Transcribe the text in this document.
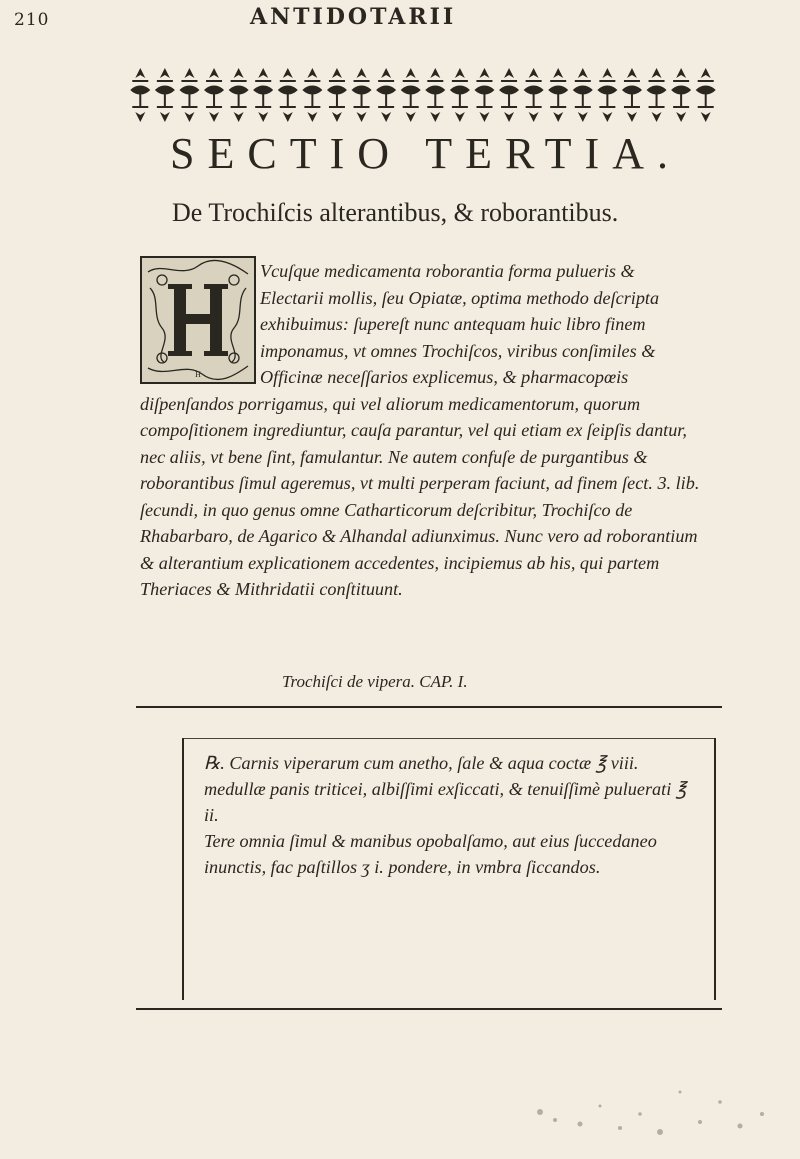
210	ANTIDOTARII
SECTIO TERTIA.
De Trochiſcis alterantibus, & roborantibus.
H
Vcuſque medicamenta roborantia forma pulueris & Electarii mollis, ſeu Opiatæ, optima methodo deſcripta exhibuimus: ſupereſt nunc antequam huic libro finem imponamus, vt omnes Trochiſcos, viribus conſimiles & Officinæ neceſſarios explicemus, & pharmacopœis diſpenſandos porrigamus, qui vel aliorum medicamentorum, quorum compoſitionem ingrediuntur, cauſa parantur, vel qui etiam ex ſeipſis dantur, nec aliis, vt bene ſint, famulantur. Ne autem confuſe de purgantibus & roborantibus ſimul ageremus, vt multi perperam faciunt, ad finem ſect. 3. lib. ſecundi, in quo genus omne Catharticorum deſcribitur, Trochiſco de Rhabarbaro, de Agarico & Alhandal adiunximus. Nunc vero ad roborantium & alterantium explicationem accedentes, incipiemus ab his, qui partem Theriaces & Mithridatii conſtituunt.
Trochiſci de vipera. CAP. I.

℞. Carnis viperarum cum anetho, ſale & aqua coctæ ℥ viii.

medullæ panis triticei, albiſſimi exſiccati, & tenuiſſimè puluerati ℥ ii.

Tere omnia ſimul & manibus opobalſamo, aut eius ſuccedaneo inunctis, fac paſtillos ʒ i. pondere, in vmbra ſiccandos.
